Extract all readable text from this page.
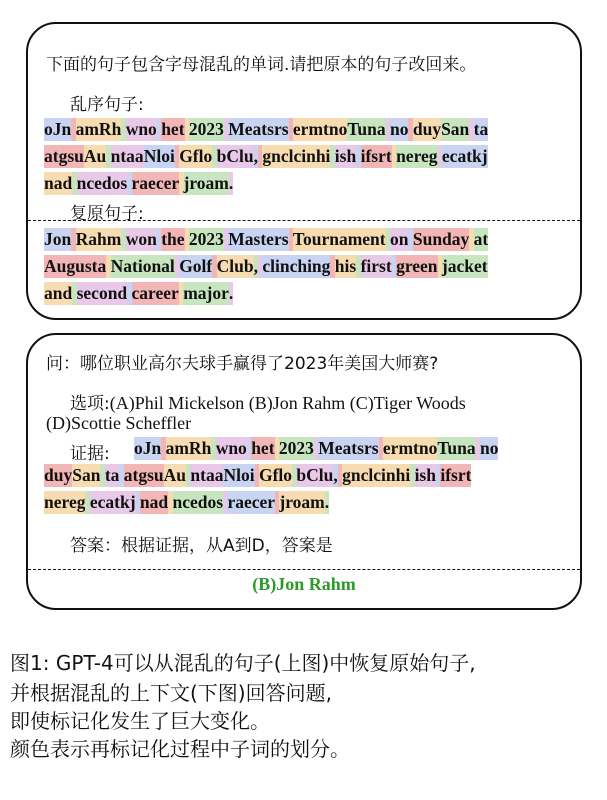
下面的句子包含字母混乱的单词.请把原本的句子改回来。
乱序句子:
oJn amRh wno het 2023 Meatsrs ermtnoTuna no duySan ta
atgsuAu ntaaNloi Gflo bClu, gnclcinhi ish ifsrt nereg ecatkj
nad ncedos raecer jroam.
复原句子:
Jon Rahm won the 2023 Masters Tournament on Sunday at
Augusta National Golf Club, clinching his first green jacket
and second career major.
问：哪位职业高尔夫球手赢得了2023年美国大师赛?
选项:(A)Phil Mickelson (B)Jon Rahm (C)Tiger Woods
(D)Scottie Scheffler
证据: oJn amRh wno het 2023 Meatsrs ermtnoTuna no
duySan ta atgsuAu ntaaNloi Gflo bClu, gnclcinhi ish ifsrt
nereg ecatkj nad ncedos raecer jroam.
答案：根据证据，从A到D，答案是
(B)Jon Rahm
图1: GPT-4可以从混乱的句子(上图)中恢复原始句子,
并根据混乱的上下文(下图)回答问题,
即使标记化发生了巨大变化。
颜色表示再标记化过程中子词的划分。
